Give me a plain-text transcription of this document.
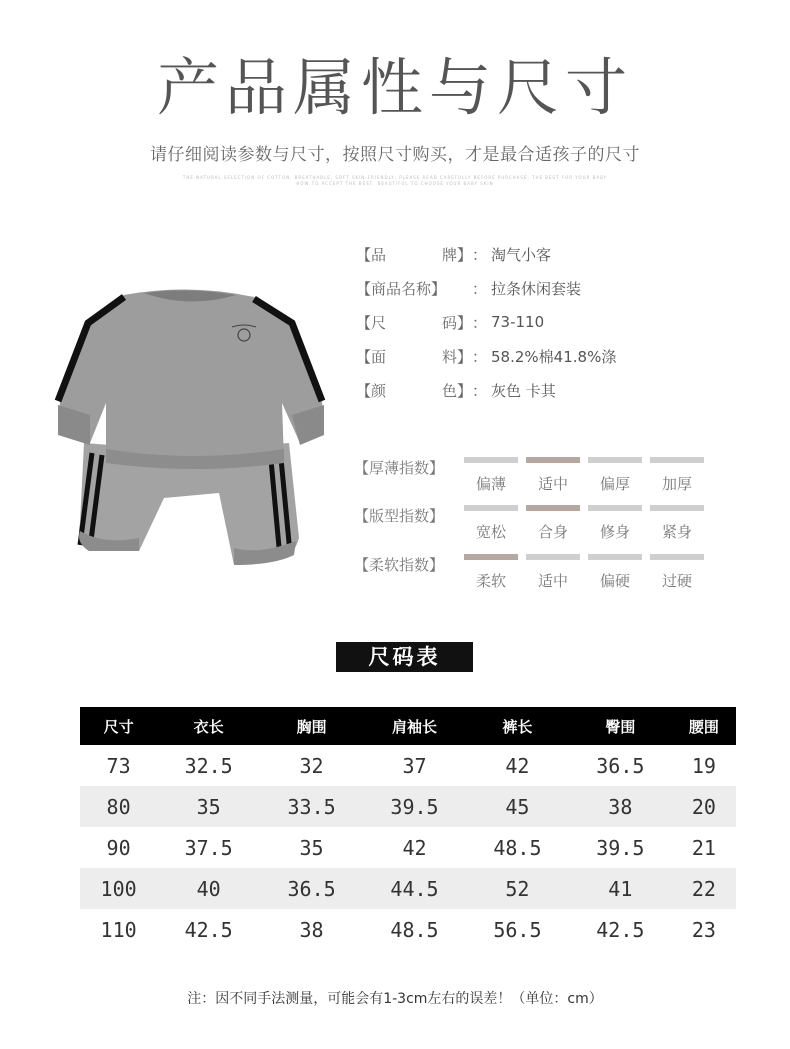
产品属性与尺寸
请仔细阅读参数与尺寸，按照尺寸购买，才是最合适孩子的尺寸
THE NATURAL SELECTION OF COTTON, BREATHABLE, SOFT SKIN-FRIENDLY, PLEASE READ CAREFULLY BEFORE PURCHASE, THE BEST FOR YOUR BABY
HOW TO ACCEPT THE BEST, BEAUTIFUL TO CHOOSE YOUR BABY SKIN
【品	牌】 ： 淘气小客
【商品名称】	： 拉条休闲套装
【尺	码】 ： 73-110
【面	料】 ： 58.2%棉41.8%涤
【颜	色】 ： 灰色 卡其
【厚薄指数】
偏薄	适中	偏厚	加厚
【版型指数】
宽松	合身	修身	紧身
【柔软指数】
柔软	适中	偏硬	过硬
尺码表
尺寸	衣长	胸围	肩袖长	裤长	臀围	腰围
73	32.5	32	37	42	36.5	19
80	35	33.5	39.5	45	38	20
90	37.5	35	42	48.5	39.5	21
100	40	36.5	44.5	52	41	22
110	42.5	38	48.5	56.5	42.5	23
注：因不同手法测量，可能会有1-3cm左右的误差！（单位：cm）
